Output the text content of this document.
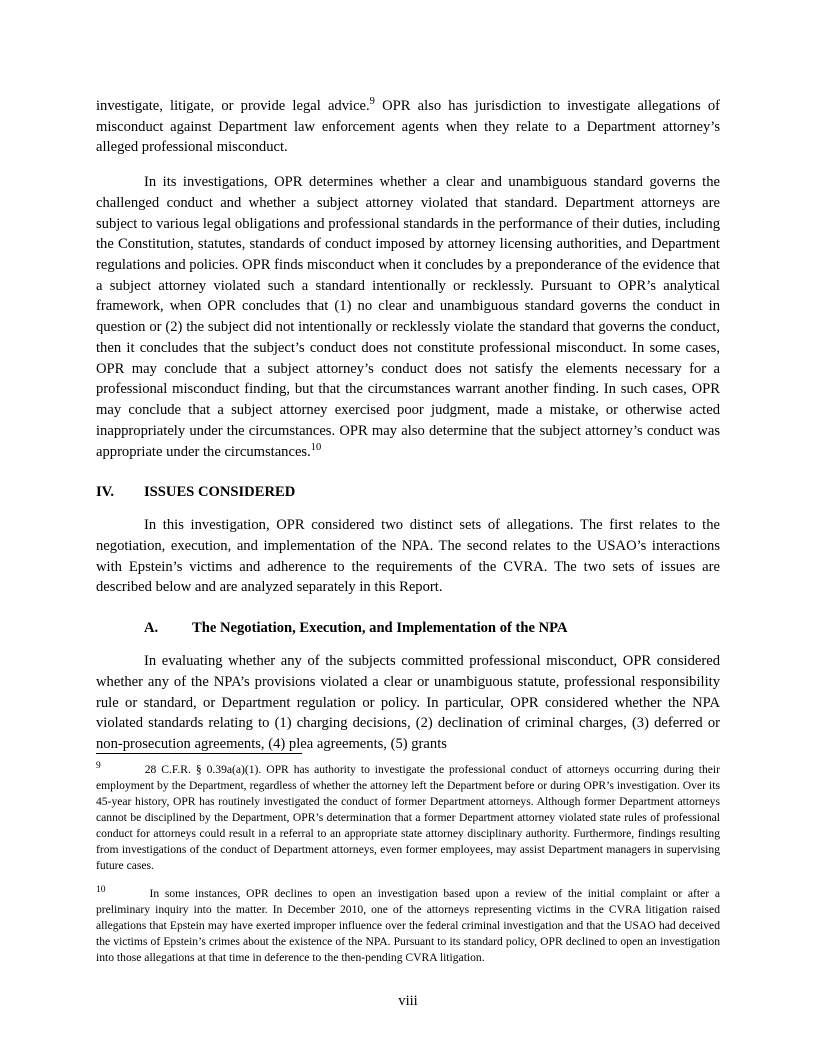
investigate, litigate, or provide legal advice.$^9$ OPR also has jurisdiction to investigate allegations of misconduct against Department law enforcement agents when they relate to a Department attorney’s alleged professional misconduct.

In its investigations, OPR determines whether a clear and unambiguous standard governs the challenged conduct and whether a subject attorney violated that standard. Department attorneys are subject to various legal obligations and professional standards in the performance of their duties, including the Constitution, statutes, standards of conduct imposed by attorney licensing authorities, and Department regulations and policies. OPR finds misconduct when it concludes by a preponderance of the evidence that a subject attorney violated such a standard intentionally or recklessly. Pursuant to OPR’s analytical framework, when OPR concludes that (1) no clear and unambiguous standard governs the conduct in question or (2) the subject did not intentionally or recklessly violate the standard that governs the conduct, then it concludes that the subject’s conduct does not constitute professional misconduct. In some cases, OPR may conclude that a subject attorney’s conduct does not satisfy the elements necessary for a professional misconduct finding, but that the circumstances warrant another finding. In such cases, OPR may conclude that a subject attorney exercised poor judgment, made a mistake, or otherwise acted inappropriately under the circumstances. OPR may also determine that the subject attorney’s conduct was appropriate under the circumstances.$^{10}$

IV.	ISSUES CONSIDERED

In this investigation, OPR considered two distinct sets of allegations. The first relates to the negotiation, execution, and implementation of the NPA. The second relates to the USAO’s interactions with Epstein’s victims and adherence to the requirements of the CVRA. The two sets of issues are described below and are analyzed separately in this Report.

A.	The Negotiation, Execution, and Implementation of the NPA

In evaluating whether any of the subjects committed professional misconduct, OPR considered whether any of the NPA’s provisions violated a clear or unambiguous statute, professional responsibility rule or standard, or Department regulation or policy. In particular, OPR considered whether the NPA violated standards relating to (1) charging decisions, (2) declination of criminal charges, (3) deferred or non-prosecution agreements, (4) plea agreements, (5) grants

$^9$	28 C.F.R. § 0.39a(a)(1). OPR has authority to investigate the professional conduct of attorneys occurring during their employment by the Department, regardless of whether the attorney left the Department before or during OPR’s investigation. Over its 45-year history, OPR has routinely investigated the conduct of former Department attorneys. Although former Department attorneys cannot be disciplined by the Department, OPR’s determination that a former Department attorney violated state rules of professional conduct for attorneys could result in a referral to an appropriate state attorney disciplinary authority. Furthermore, findings resulting from investigations of the conduct of Department attorneys, even former employees, may assist Department managers in supervising future cases.

$^{10}$	In some instances, OPR declines to open an investigation based upon a review of the initial complaint or after a preliminary inquiry into the matter. In December 2010, one of the attorneys representing victims in the CVRA litigation raised allegations that Epstein may have exerted improper influence over the federal criminal investigation and that the USAO had deceived the victims of Epstein’s crimes about the existence of the NPA. Pursuant to its standard policy, OPR declined to open an investigation into those allegations at that time in deference to the then-pending CVRA litigation.

viii
